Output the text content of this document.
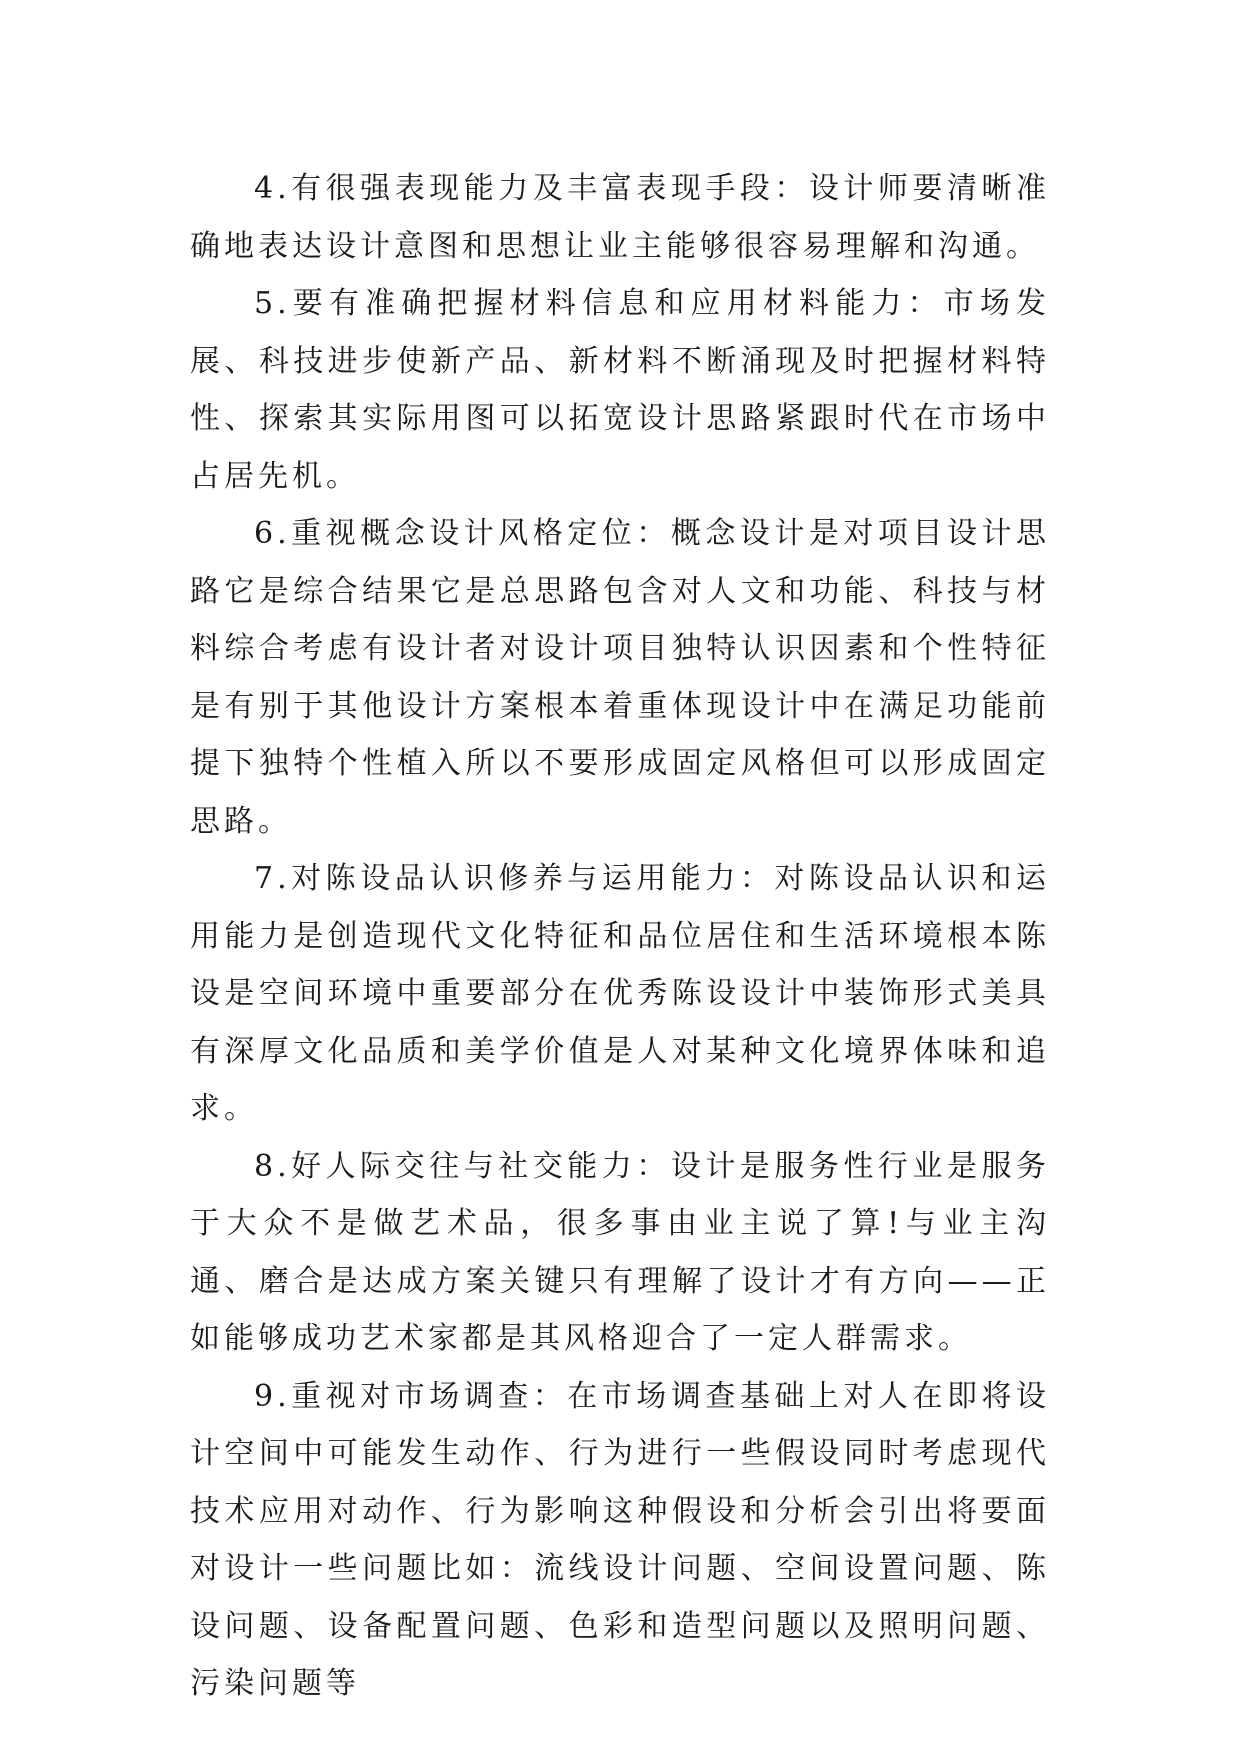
4.有很强表现能力及丰富表现手段：设计师要清晰准确地表达设计意图和思想让业主能够很容易理解和沟通。

5.要有准确把握材料信息和应用材料能力：市场发展、科技进步使新产品、新材料不断涌现及时把握材料特性、探索其实际用图可以拓宽设计思路紧跟时代在市场中占居先机。

6.重视概念设计风格定位：概念设计是对项目设计思路它是综合结果它是总思路包含对人文和功能、科技与材料综合考虑有设计者对设计项目独特认识因素和个性特征是有别于其他设计方案根本着重体现设计中在满足功能前提下独特个性植入所以不要形成固定风格但可以形成固定思路。

7.对陈设品认识修养与运用能力：对陈设品认识和运用能力是创造现代文化特征和品位居住和生活环境根本陈设是空间环境中重要部分在优秀陈设设计中装饰形式美具有深厚文化品质和美学价值是人对某种文化境界体味和追求。

8.好人际交往与社交能力：设计是服务性行业是服务于大众不是做艺术品，很多事由业主说了算!与业主沟通、磨合是达成方案关键只有理解了设计才有方向——正如能够成功艺术家都是其风格迎合了一定人群需求。

9.重视对市场调查：在市场调查基础上对人在即将设计空间中可能发生动作、行为进行一些假设同时考虑现代技术应用对动作、行为影响这种假设和分析会引出将要面对设计一些问题比如：流线设计问题、空间设置问题、陈设问题、设备配置问题、色彩和造型问题以及照明问题、污染问题等
